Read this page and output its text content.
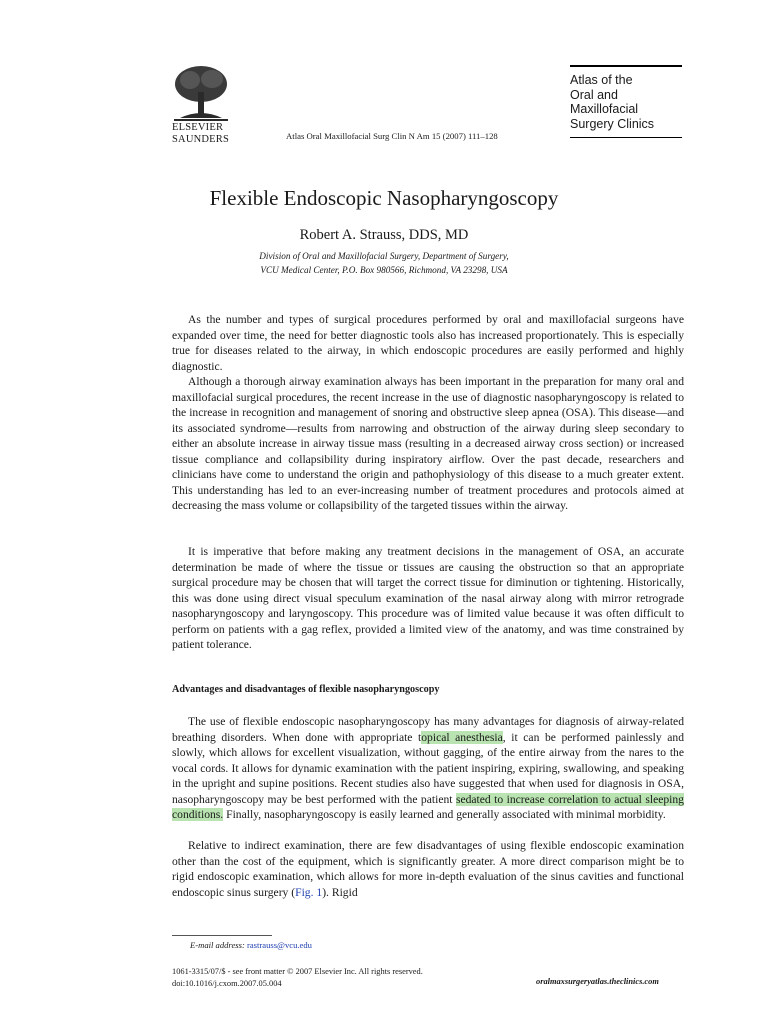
ELSEVIER
SAUNDERS	Atlas Oral Maxillofacial Surg Clin N Am 15 (2007) 111–128
Atlas of the
Oral and
Maxillofacial
Surgery Clinics
Flexible Endoscopic Nasopharyngoscopy
Robert A. Strauss, DDS, MD
Division of Oral and Maxillofacial Surgery, Department of Surgery,
VCU Medical Center, P.O. Box 980566, Richmond, VA 23298, USA

As the number and types of surgical procedures performed by oral and maxillofacial surgeons have expanded over time, the need for better diagnostic tools also has increased proportionately. This is especially true for diseases related to the airway, in which endoscopic procedures are easily performed and highly diagnostic.

Although a thorough airway examination always has been important in the preparation for many oral and maxillofacial surgical procedures, the recent increase in the use of diagnostic nasopharyngoscopy is related to the increase in recognition and management of snoring and obstructive sleep apnea (OSA). This disease—and its associated syndrome—results from narrowing and obstruction of the airway during sleep secondary to either an absolute increase in airway tissue mass (resulting in a decreased airway cross section) or increased tissue compliance and collapsibility during inspiratory airflow. Over the past decade, researchers and clinicians have come to understand the origin and pathophysiology of this disease to a much greater extent. This understanding has led to an ever-increasing number of treatment procedures and protocols aimed at decreasing the mass volume or collapsibility of the targeted tissues within the airway.

It is imperative that before making any treatment decisions in the management of OSA, an accurate determination be made of where the tissue or tissues are causing the obstruction so that an appropriate surgical procedure may be chosen that will target the correct tissue for diminution or tightening. Historically, this was done using direct visual speculum examination of the nasal airway along with mirror retrograde nasopharyngoscopy and laryngoscopy. This procedure was of limited value because it was often difficult to perform on patients with a gag reflex, provided a limited view of the anatomy, and was time constrained by patient tolerance.

Advantages and disadvantages of flexible nasopharyngoscopy

The use of flexible endoscopic nasopharyngoscopy has many advantages for diagnosis of airway-related breathing disorders. When done with appropriate topical anesthesia, it can be performed painlessly and slowly, which allows for excellent visualization, without gagging, of the entire airway from the nares to the vocal cords. It allows for dynamic examination with the patient inspiring, expiring, swallowing, and speaking in the upright and supine positions. Recent studies also have suggested that when used for diagnosis in OSA, nasopharyngoscopy may be best performed with the patient sedated to increase correlation to actual sleeping conditions. Finally, nasopharyngoscopy is easily learned and generally associated with minimal morbidity.

Relative to indirect examination, there are few disadvantages of using flexible endoscopic examination other than the cost of the equipment, which is significantly greater. A more direct comparison might be to rigid endoscopic examination, which allows for more in-depth evaluation of the sinus cavities and functional endoscopic sinus surgery (Fig. 1). Rigid

E-mail address: rastrauss@vcu.edu
1061-3315/07/$ - see front matter © 2007 Elsevier Inc. All rights reserved.
doi:10.1016/j.cxom.2007.05.004	oralmaxsurgeryatlas.theclinics.com
